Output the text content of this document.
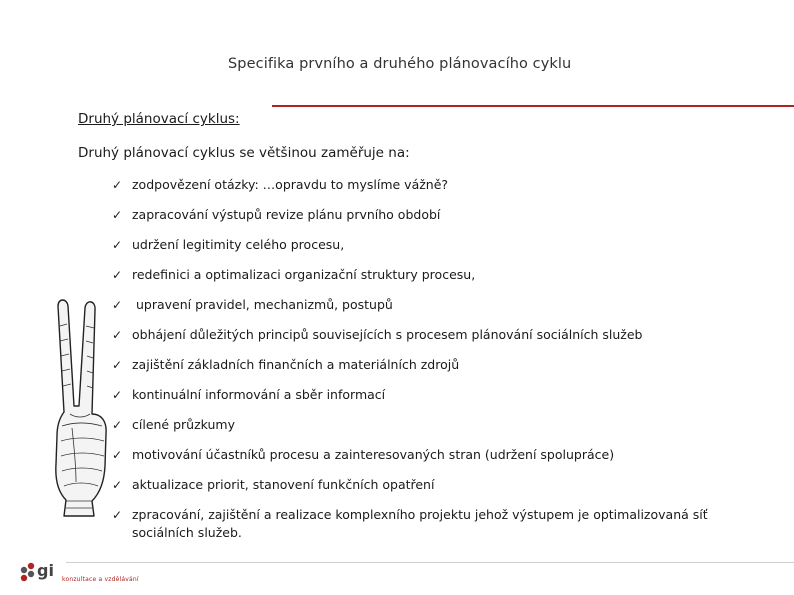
Specifika prvního a druhého plánovacího cyklu
Druhý plánovací cyklus:
Druhý plánovací cyklus se většinou zaměřuje na:
✓ zodpovězení otázky: …opravdu to myslíme vážně?
✓ zapracování výstupů revize plánu prvního období
✓ udržení legitimity celého procesu,
✓ redefinici a optimalizaci organizační struktury procesu,
✓ upravení pravidel, mechanizmů, postupů
✓ obhájení důležitých principů souvisejících s procesem plánování sociálních služeb
✓ zajištění základních finančních a materiálních zdrojů
✓ kontinuální informování a sběr informací
✓ cílené průzkumy
✓ motivování účastníků procesu a zainteresovaných stran (udržení spolupráce)
✓ aktualizace priorit, stanovení funkčních opatření
✓ zpracování, zajištění a realizace komplexního projektu jehož výstupem je optimalizovaná síť sociálních služeb.
gi konzultace a vzdělávání
